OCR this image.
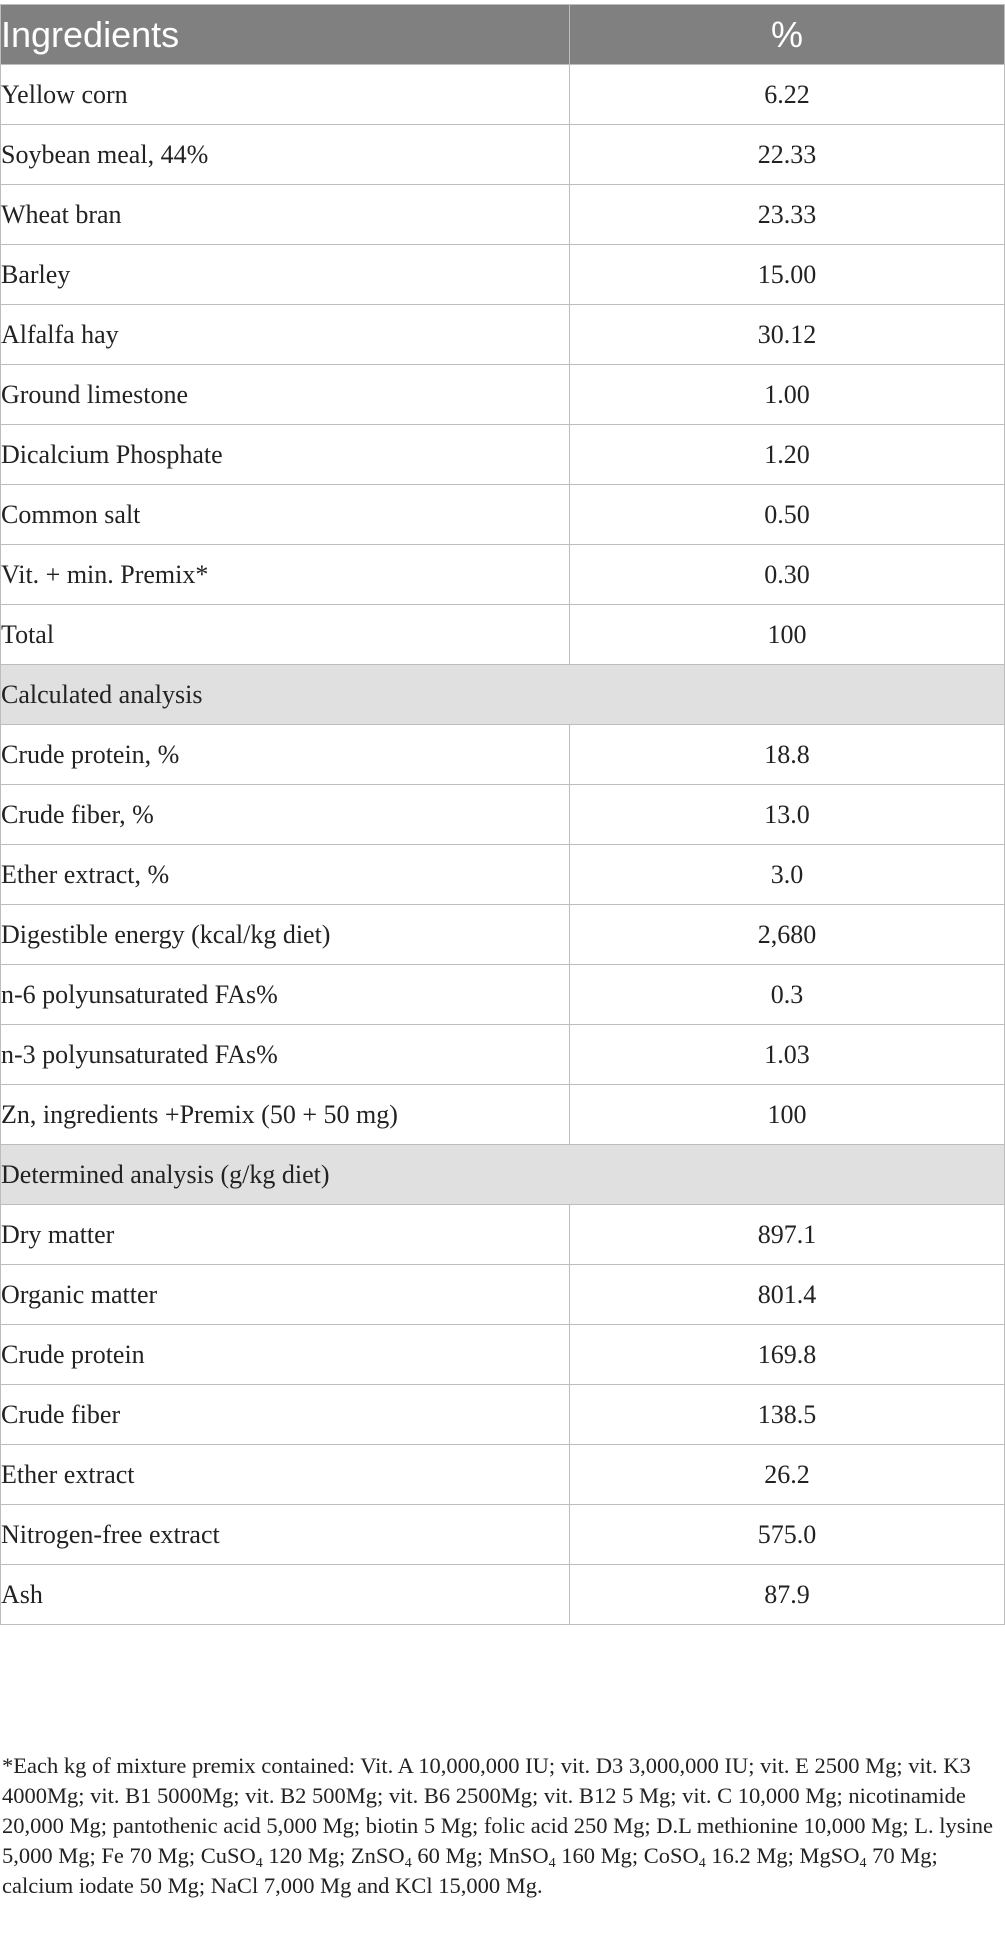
Ingredients	%
Yellow corn	6.22
Soybean meal, 44%	22.33
Wheat bran	23.33
Barley	15.00
Alfalfa hay	30.12
Ground limestone	1.00
Dicalcium Phosphate	1.20
Common salt	0.50
Vit. + min. Premix*	0.30
Total	100
Calculated analysis	
Crude protein, %	18.8
Crude fiber, %	13.0
Ether extract, %	3.0
Digestible energy (kcal/kg diet)	2,680
n-6 polyunsaturated FAs%	0.3
n-3 polyunsaturated FAs%	1.03
Zn, ingredients +Premix (50 + 50 mg)	100
Determined analysis (g/kg diet)	
Dry matter	897.1
Organic matter	801.4
Crude protein	169.8
Crude fiber	138.5
Ether extract	26.2
Nitrogen-free extract	575.0
Ash	87.9

*Each kg of mixture premix contained: Vit. A 10,000,000 IU; vit. D3 3,000,000 IU; vit. E 2500 Mg; vit. K3 4000Mg; vit. B1 5000Mg; vit. B2 500Mg; vit. B6 2500Mg; vit. B12 5 Mg; vit. C 10,000 Mg; nicotinamide 20,000 Mg; pantothenic acid 5,000 Mg; biotin 5 Mg; folic acid 250 Mg; D.L methionine 10,000 Mg; L. lysine 5,000 Mg; Fe 70 Mg; CuSO$_4$ 120 Mg; ZnSO$_4$ 60 Mg; MnSO$_4$ 160 Mg; CoSO$_4$ 16.2 Mg; MgSO$_4$ 70 Mg; calcium iodate 50 Mg; NaCl 7,000 Mg and KCl 15,000 Mg.
